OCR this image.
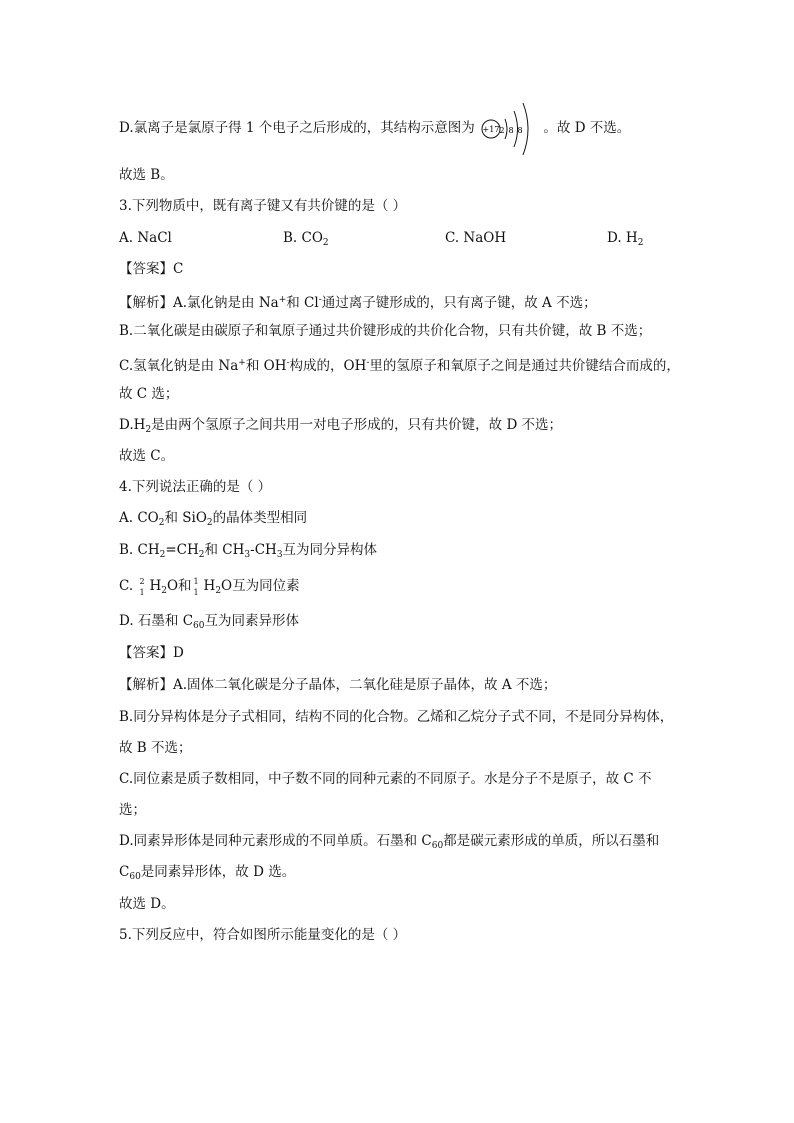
D.氯离子是氯原子得 1 个电子之后形成的，其结构示意图为 +17 2 8 8 。故 D 不选。
故选 B。
3.下列物质中，既有离子键又有共价键的是（ ）
A. NaCl	B. $CO_2$	C. NaOH	D. $H_2$
【答案】C
【解析】A.氯化钠是由 Na+和 Cl-通过离子键形成的，只有离子键，故 A 不选；
B.二氧化碳是由碳原子和氧原子通过共价键形成的共价化合物，只有共价键，故 B 不选；
C.氢氧化钠是由 Na+和 OH-构成的，OH-里的氢原子和氧原子之间是通过共价键结合而成的，
故 C 选；
$D.H_2$是由两个氢原子之间共用一对电子形成的，只有共价键，故 D 不选；
故选 C。
4.下列说法正确的是（ ）
A. $CO_2$和 SiO$_2$的晶体类型相同
B. $CH_2=CH_2$和 $CH_3-CH_3$互为同分异构体
C. 2
1 $H_2O$和 1
1 $H_2O$互为同位素
D. 石墨和 $C_{60}$互为同素异形体
【答案】D
【解析】A.固体二氧化碳是分子晶体，二氧化硅是原子晶体，故 A 不选；
B.同分异构体是分子式相同，结构不同的化合物。乙烯和乙烷分子式不同，不是同分异构体，
故 B 不选；
C.同位素是质子数相同，中子数不同的同种元素的不同原子。水是分子不是原子，故 C 不
选；
D.同素异形体是同种元素形成的不同单质。石墨和 $C_{60}$都是碳元素形成的单质，所以石墨和
$C_{60}$是同素异形体，故 D 选。
故选 D。
5.下列反应中，符合如图所示能量变化的是（ ）
